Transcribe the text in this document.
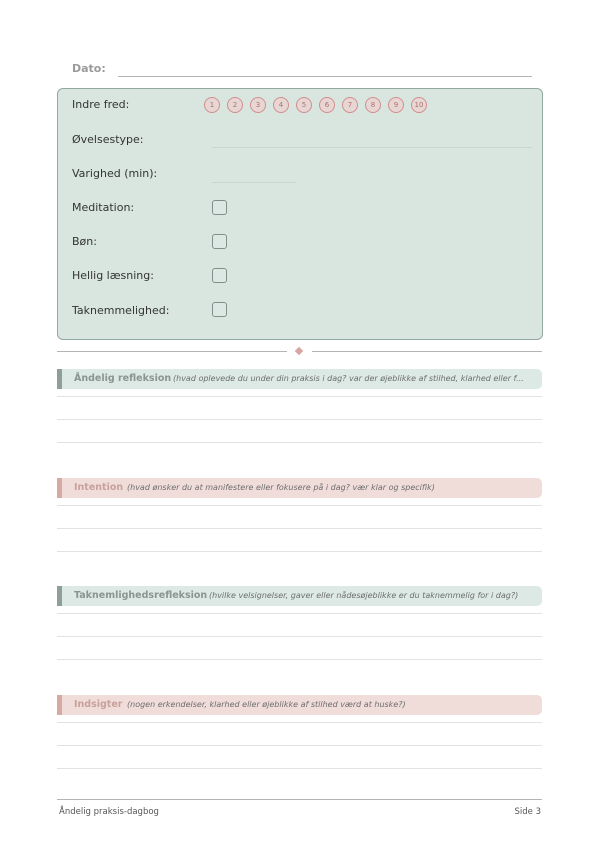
Dato:
Indre fred:	1	2	3	4	5	6	7	8	9	10
Øvelsestype:
Varighed (min):
Meditation:
Bøn:
Hellig læsning:
Taknemmelighed:
Åndelig refleksion (hvad oplevede du under din praksis i dag? var der øjeblikke af stilhed, klarhed eller f...
Intention (hvad ønsker du at manifestere eller fokusere på i dag? vær klar og specifik)
Taknemlighedsrefleksion (hvilke velsignelser, gaver eller nådesøjeblikke er du taknemmelig for i dag?)
Indsigter (nogen erkendelser, klarhed eller øjeblikke af stilhed værd at huske?)
Åndelig praksis-dagbog	Side 3
